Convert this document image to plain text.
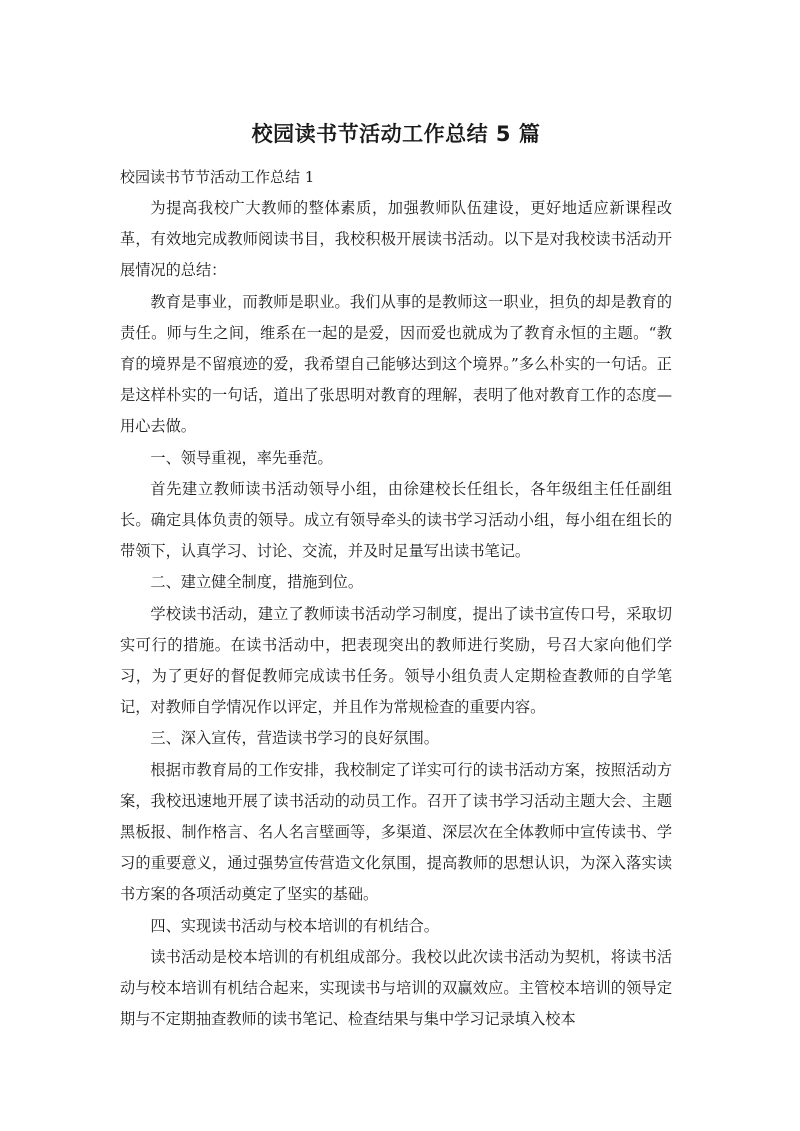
校园读书节活动工作总结 5 篇

校园读书节节活动工作总结 1

为提高我校广大教师的整体素质，加强教师队伍建设，更好地适应新课程改革，有效地完成教师阅读书目，我校积极开展读书活动。以下是对我校读书活动开展情况的总结：

教育是事业，而教师是职业。我们从事的是教师这一职业，担负的却是教育的责任。师与生之间，维系在一起的是爱，因而爱也就成为了教育永恒的主题。“教育的境界是不留痕迹的爱，我希望自己能够达到这个境界。”多么朴实的一句话。正是这样朴实的一句话，道出了张思明对教育的理解，表明了他对教育工作的态度—用心去做。

一、领导重视，率先垂范。

首先建立教师读书活动领导小组，由徐建校长任组长，各年级组主任任副组长。确定具体负责的领导。成立有领导牵头的读书学习活动小组，每小组在组长的带领下，认真学习、讨论、交流，并及时足量写出读书笔记。

二、建立健全制度，措施到位。

学校读书活动，建立了教师读书活动学习制度，提出了读书宣传口号，采取切实可行的措施。在读书活动中，把表现突出的教师进行奖励，号召大家向他们学习，为了更好的督促教师完成读书任务。领导小组负责人定期检查教师的自学笔记，对教师自学情况作以评定，并且作为常规检查的重要内容。

三、深入宣传，营造读书学习的良好氛围。

根据市教育局的工作安排，我校制定了详实可行的读书活动方案，按照活动方案，我校迅速地开展了读书活动的动员工作。召开了读书学习活动主题大会、主题黑板报、制作格言、名人名言壁画等，多渠道、深层次在全体教师中宣传读书、学习的重要意义，通过强势宣传营造文化氛围，提高教师的思想认识，为深入落实读书方案的各项活动奠定了坚实的基础。

四、实现读书活动与校本培训的有机结合。

读书活动是校本培训的有机组成部分。我校以此次读书活动为契机，将读书活动与校本培训有机结合起来，实现读书与培训的双赢效应。主管校本培训的领导定期与不定期抽查教师的读书笔记、检查结果与集中学习记录填入校本
